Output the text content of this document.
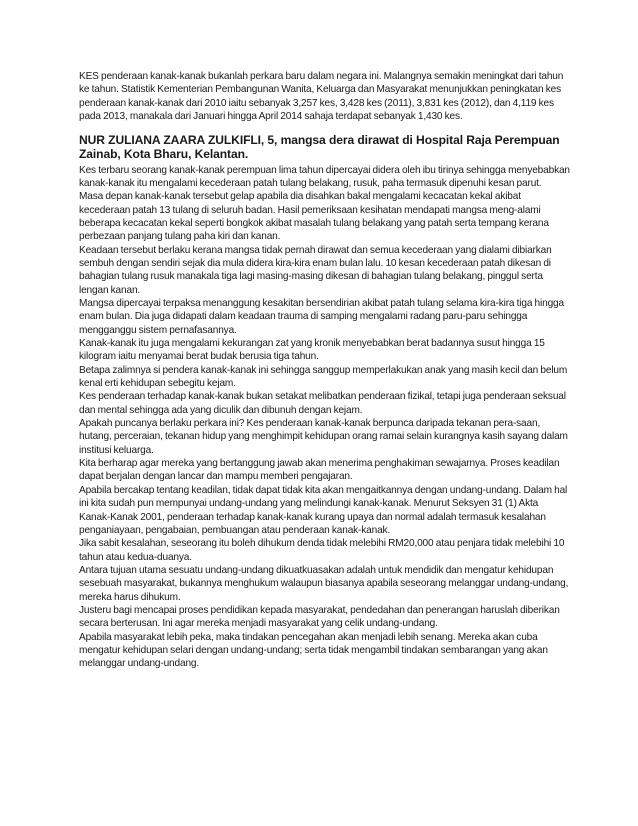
KES penderaan kanak-kanak bukanlah perkara baru dalam negara ini. Malangnya semakin meningkat dari tahun ke tahun. Statistik Kementerian Pembangunan Wanita, Keluarga dan Masyarakat menunjukkan peningkatan kes penderaan kanak-kanak dari 2010 iaitu sebanyak 3,257 kes, 3,428 kes (2011), 3,831 kes (2012), dan 4,119 kes pada 2013, manakala dari Januari hingga April 2014 sahaja terdapat sebanyak 1,430 kes.

NUR ZULIANA ZAARA ZULKIFLI, 5, mangsa dera dirawat di Hospital Raja Perempuan Zainab, Kota Bharu, Kelantan.

Kes terbaru seorang kanak-kanak perempuan lima tahun dipercayai didera oleh ibu tirinya sehingga menyebabkan kanak-kanak itu mengalami kecederaan patah tulang belakang, rusuk, paha termasuk dipenuhi kesan parut.

Masa depan kanak-kanak tersebut gelap apabila dia disahkan bakal mengalami kecacatan kekal akibat kecederaan patah 13 tulang di seluruh badan. Hasil pemeriksaan kesihatan mendapati mangsa meng-alami beberapa kecacatan kekal seperti bongkok akibat masalah tulang belakang yang patah serta tempang kerana perbezaan panjang tulang paha kiri dan kanan.

Keadaan tersebut berlaku kerana mangsa tidak pernah dirawat dan semua kecederaan yang dialami dibiarkan sembuh dengan sendiri sejak dia mula didera kira-kira enam bulan lalu. 10 kesan kecederaan patah dikesan di bahagian tulang rusuk manakala tiga lagi masing-masing dikesan di bahagian tulang belakang, pinggul serta lengan kanan.

Mangsa dipercayai terpaksa menanggung kesakitan bersendirian akibat patah tulang selama kira-kira tiga hingga enam bulan. Dia juga didapati dalam keadaan trauma di samping mengalami radang paru-paru sehingga mengganggu sistem pernafasannya.

Kanak-kanak itu juga mengalami kekurangan zat yang kronik menyebabkan berat badannya susut hingga 15 kilogram iaitu menyamai berat budak berusia tiga tahun.

Betapa zalimnya si pendera kanak-kanak ini sehingga sanggup memperlakukan anak yang masih kecil dan belum kenal erti kehidupan sebegitu kejam.

Kes penderaan terhadap kanak-kanak bukan setakat melibatkan penderaan fizikal, tetapi juga penderaan seksual dan mental sehingga ada yang diculik dan dibunuh dengan kejam.

Apakah puncanya berlaku perkara ini? Kes penderaan kanak-kanak berpunca daripada tekanan pera-saan, hutang, perceraian, tekanan hidup yang menghimpit kehidupan orang ramai selain kurangnya kasih sayang dalam institusi keluarga.

Kita berharap agar mereka yang bertanggung jawab akan menerima penghakiman sewajarnya. Proses keadilan dapat berjalan dengan lancar dan mampu memberi pengajaran.

Apabila bercakap tentang keadilan, tidak dapat tidak kita akan mengaitkannya dengan undang-undang. Dalam hal ini kita sudah pun mempunyai undang-undang yang melindungi kanak-kanak. Menurut Seksyen 31 (1) Akta Kanak-Kanak 2001, penderaan terhadap kanak-kanak kurang upaya dan normal adalah termasuk kesalahan penganiayaan, pengabaian, pembuangan atau penderaan kanak-kanak.

Jika sabit kesalahan, seseorang itu boleh dihukum denda tidak melebihi RM20,000 atau penjara tidak melebihi 10 tahun atau kedua-duanya.

Antara tujuan utama sesuatu undang-undang dikuatkuasakan adalah untuk mendidik dan mengatur kehidupan sesebuah masyarakat, bukannya menghukum walaupun biasanya apabila seseorang melanggar undang-undang, mereka harus dihukum.

Justeru bagi mencapai proses pendidikan kepada masyarakat, pendedahan dan penerangan haruslah diberikan secara berterusan. Ini agar mereka menjadi masyarakat yang celik undang-undang.

Apabila masyarakat lebih peka, maka tindakan pencegahan akan menjadi lebih senang. Mereka akan cuba mengatur kehidupan selari dengan undang-undang; serta tidak mengambil tindakan sembarangan yang akan melanggar undang-undang.
